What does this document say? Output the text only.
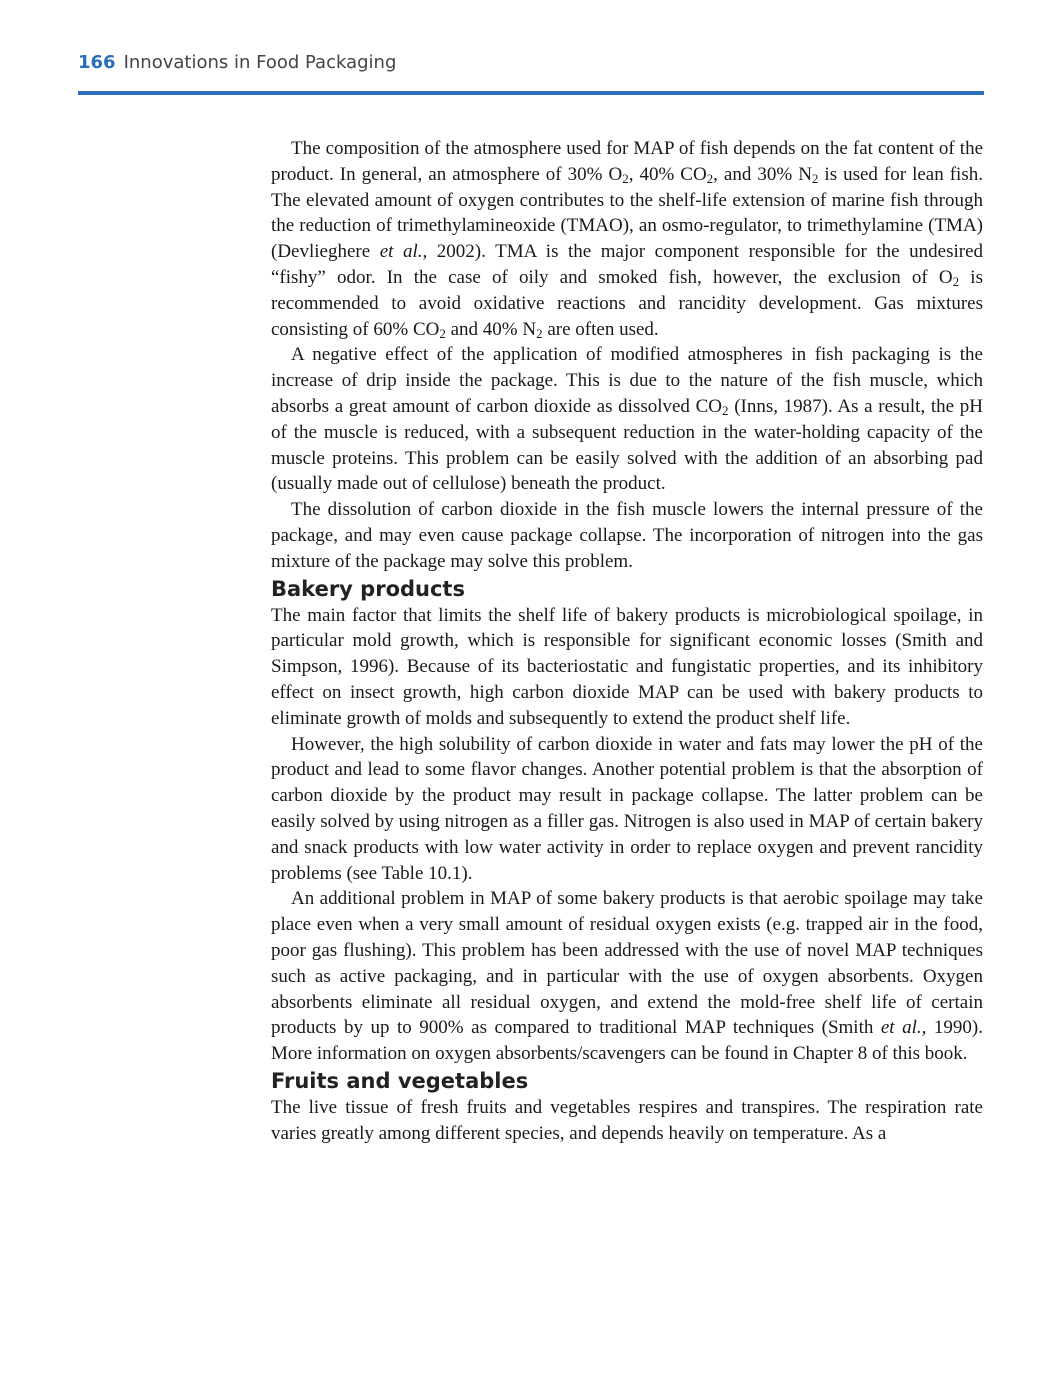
166 Innovations in Food Packaging

The composition of the atmosphere used for MAP of fish depends on the fat content of the product. In general, an atmosphere of 30% $O_2$, 40% $CO_2$, and 30% $N_2$ is used for lean fish. The elevated amount of oxygen contributes to the shelf-life extension of marine fish through the reduction of trimethylamineoxide (TMAO), an osmo-regulator, to trimethylamine (TMA) (Devlieghere et al., 2002). TMA is the major component responsible for the undesired “fishy” odor. In the case of oily and smoked fish, however, the exclusion of $O_2$ is recommended to avoid oxidative reactions and rancidity development. Gas mixtures consisting of 60% $CO_2$ and 40% $N_2$ are often used.

A negative effect of the application of modified atmospheres in fish packaging is the increase of drip inside the package. This is due to the nature of the fish muscle, which absorbs a great amount of carbon dioxide as dissolved $CO_2$ (Inns, 1987). As a result, the pH of the muscle is reduced, with a subsequent reduction in the water-holding capacity of the muscle proteins. This problem can be easily solved with the addition of an absorbing pad (usually made out of cellulose) beneath the product.

The dissolution of carbon dioxide in the fish muscle lowers the internal pressure of the package, and may even cause package collapse. The incorporation of nitrogen into the gas mixture of the package may solve this problem.

Bakery products

The main factor that limits the shelf life of bakery products is microbiological spoilage, in particular mold growth, which is responsible for significant economic losses (Smith and Simpson, 1996). Because of its bacteriostatic and fungistatic properties, and its inhibitory effect on insect growth, high carbon dioxide MAP can be used with bakery products to eliminate growth of molds and subsequently to extend the product shelf life.

However, the high solubility of carbon dioxide in water and fats may lower the pH of the product and lead to some flavor changes. Another potential problem is that the absorption of carbon dioxide by the product may result in package collapse. The latter problem can be easily solved by using nitrogen as a filler gas. Nitrogen is also used in MAP of certain bakery and snack products with low water activity in order to replace oxygen and prevent rancidity problems (see Table 10.1).

An additional problem in MAP of some bakery products is that aerobic spoilage may take place even when a very small amount of residual oxygen exists (e.g. trapped air in the food, poor gas flushing). This problem has been addressed with the use of novel MAP techniques such as active packaging, and in particular with the use of oxygen absorbents. Oxygen absorbents eliminate all residual oxygen, and extend the mold-free shelf life of certain products by up to 900% as compared to traditional MAP techniques (Smith et al., 1990). More information on oxygen absorbents/scavengers can be found in Chapter 8 of this book.

Fruits and vegetables

The live tissue of fresh fruits and vegetables respires and transpires. The respiration rate varies greatly among different species, and depends heavily on temperature. As a
